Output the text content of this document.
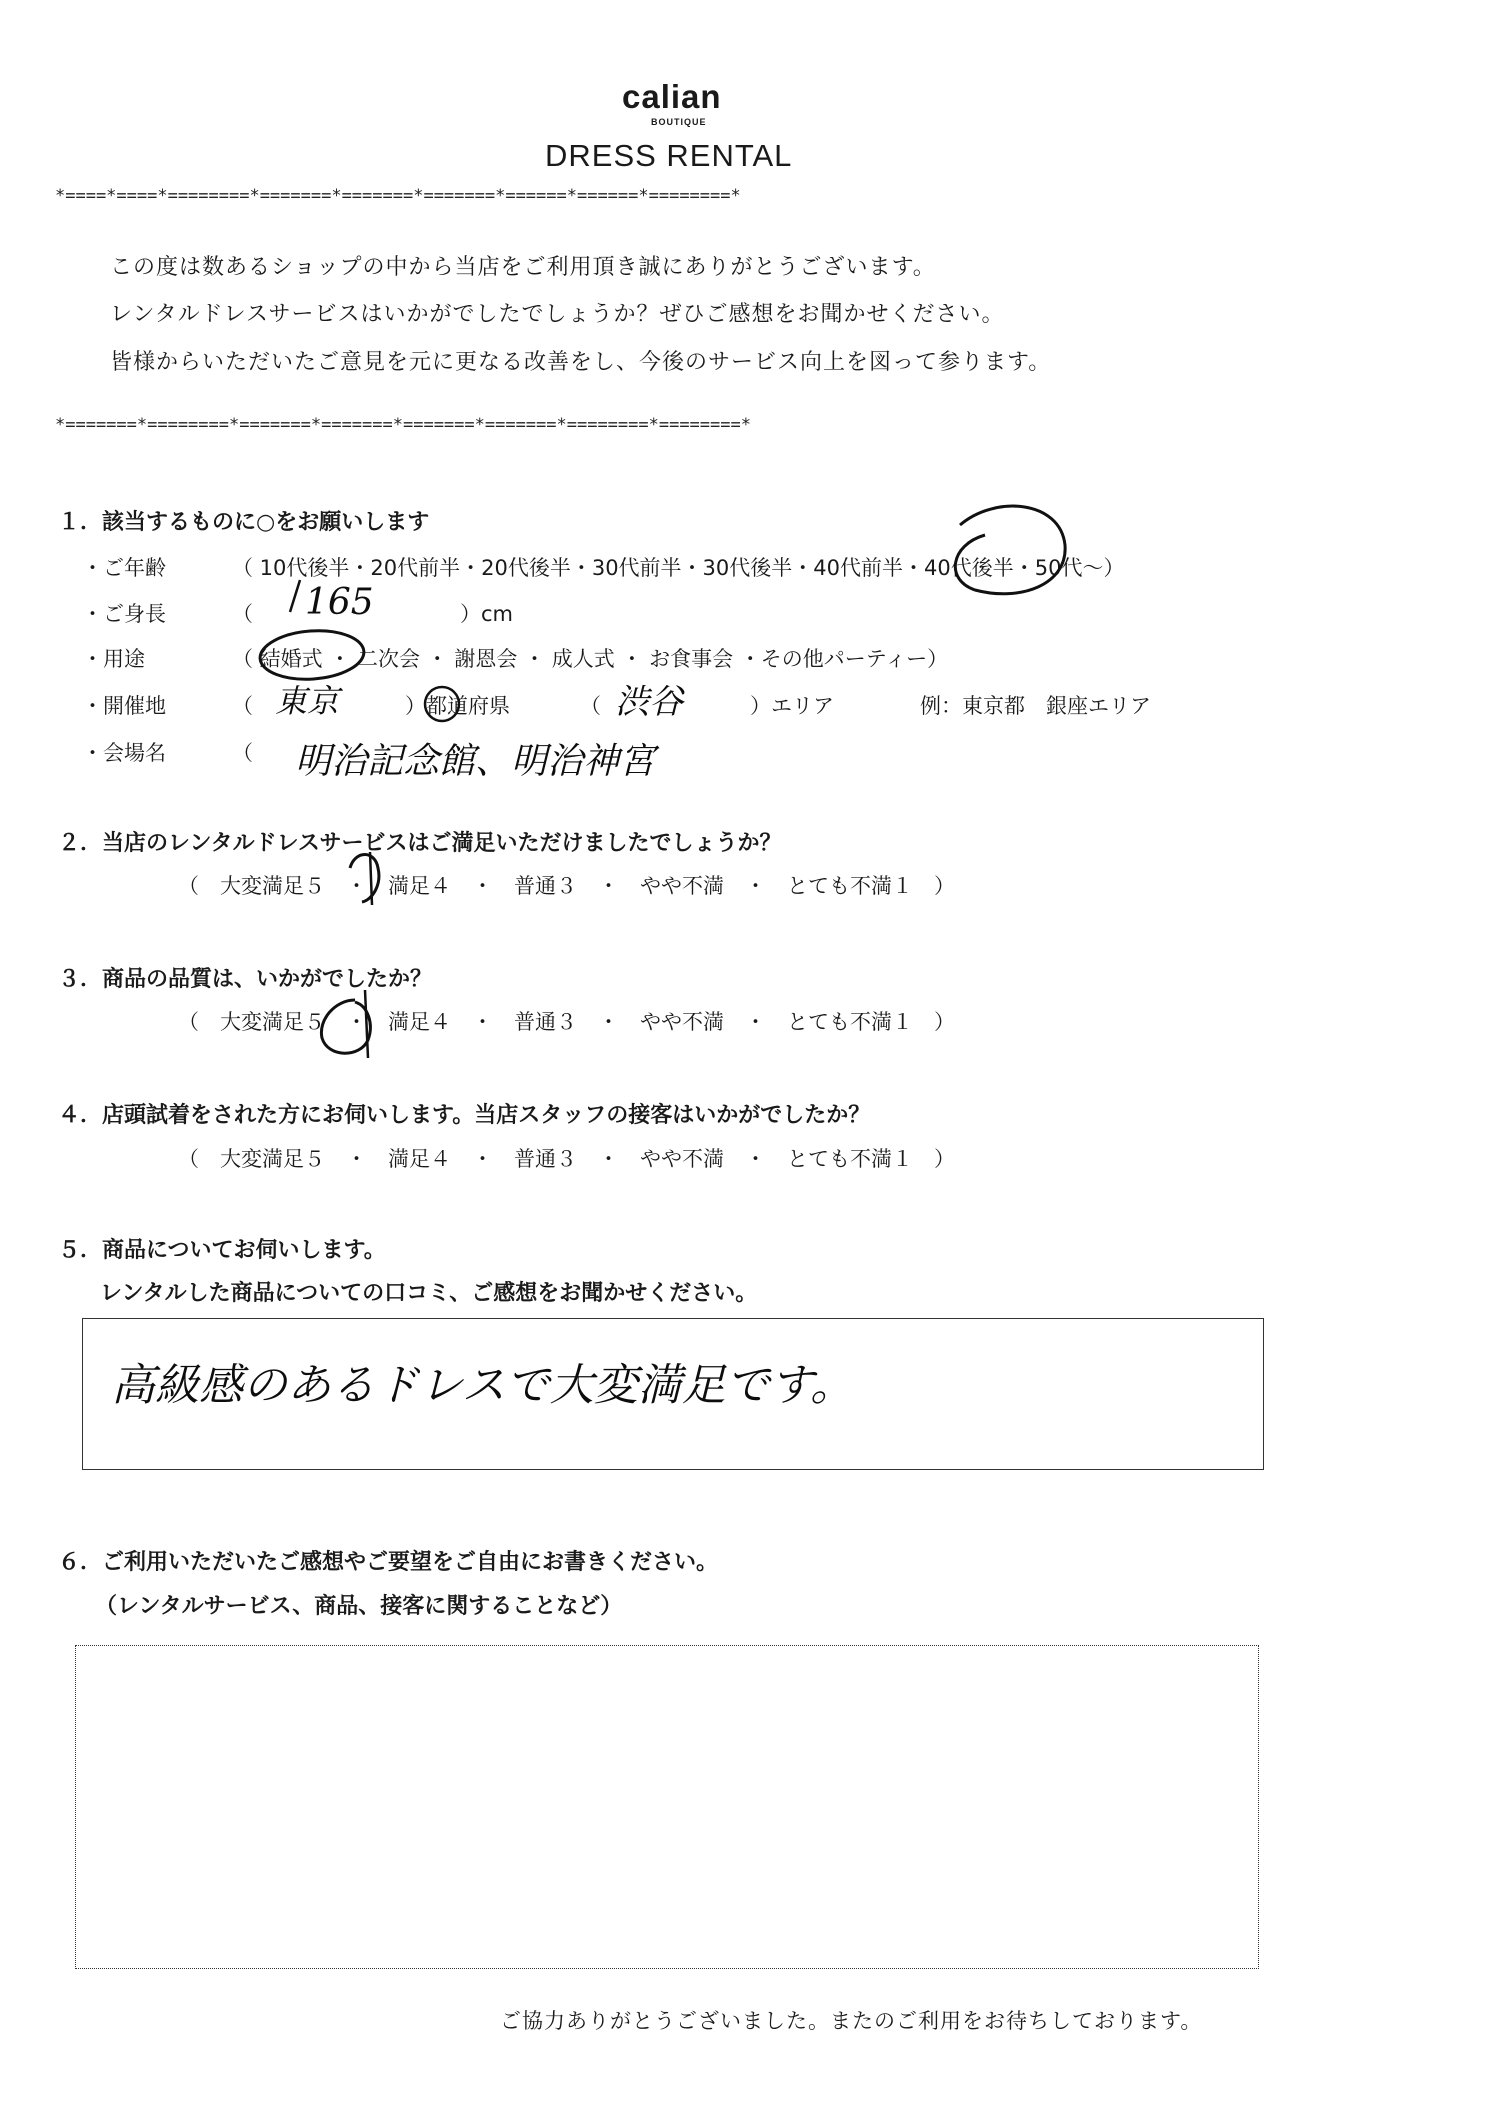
calian
BOUTIQUE
DRESS RENTAL
*====*====*========*=======*=======*=======*======*======*========*
この度は数あるショップの中から当店をご利用頂き誠にありがとうございます。
レンタルドレスサービスはいかがでしたでしょうか？ぜひご感想をお聞かせください。
皆様からいただいたご意見を元に更なる改善をし、今後のサービス向上を図って参ります。
*=======*========*=======*=======*=======*=======*========*========*
１．該当するものに○をお願いします
・ご年齢	（ 10代後半・20代前半・20代後半・30代前半・30代後半・40代前半・40代後半・50代～）
・ご身長	（ 165	）cm
・用途	（ 結婚式 ・ 二次会 ・ 謝恩会 ・ 成人式 ・ お食事会 ・その他パーティー）
・開催地	（ 東京	）都道府県	（ 渋谷	）エリア	例：東京都　銀座エリア
・会場名	（ 明治記念館、明治神宮
２．当店のレンタルドレスサービスはご満足いただけましたでしょうか？
（　大変満足５　・　満足４　・　普通３　・　やや不満　・　とても不満１　）
３．商品の品質は、いかがでしたか？
（　大変満足５　・　満足４　・　普通３　・　やや不満　・　とても不満１　）
４．店頭試着をされた方にお伺いします。当店スタッフの接客はいかがでしたか？
（　大変満足５　・　満足４　・　普通３　・　やや不満　・　とても不満１　）
５．商品についてお伺いします。
レンタルした商品についての口コミ、ご感想をお聞かせください。
高級感のあるドレスで大変満足です。
６．ご利用いただいたご感想やご要望をご自由にお書きください。
（レンタルサービス、商品、接客に関することなど）
ご協力ありがとうございました。またのご利用をお待ちしております。
